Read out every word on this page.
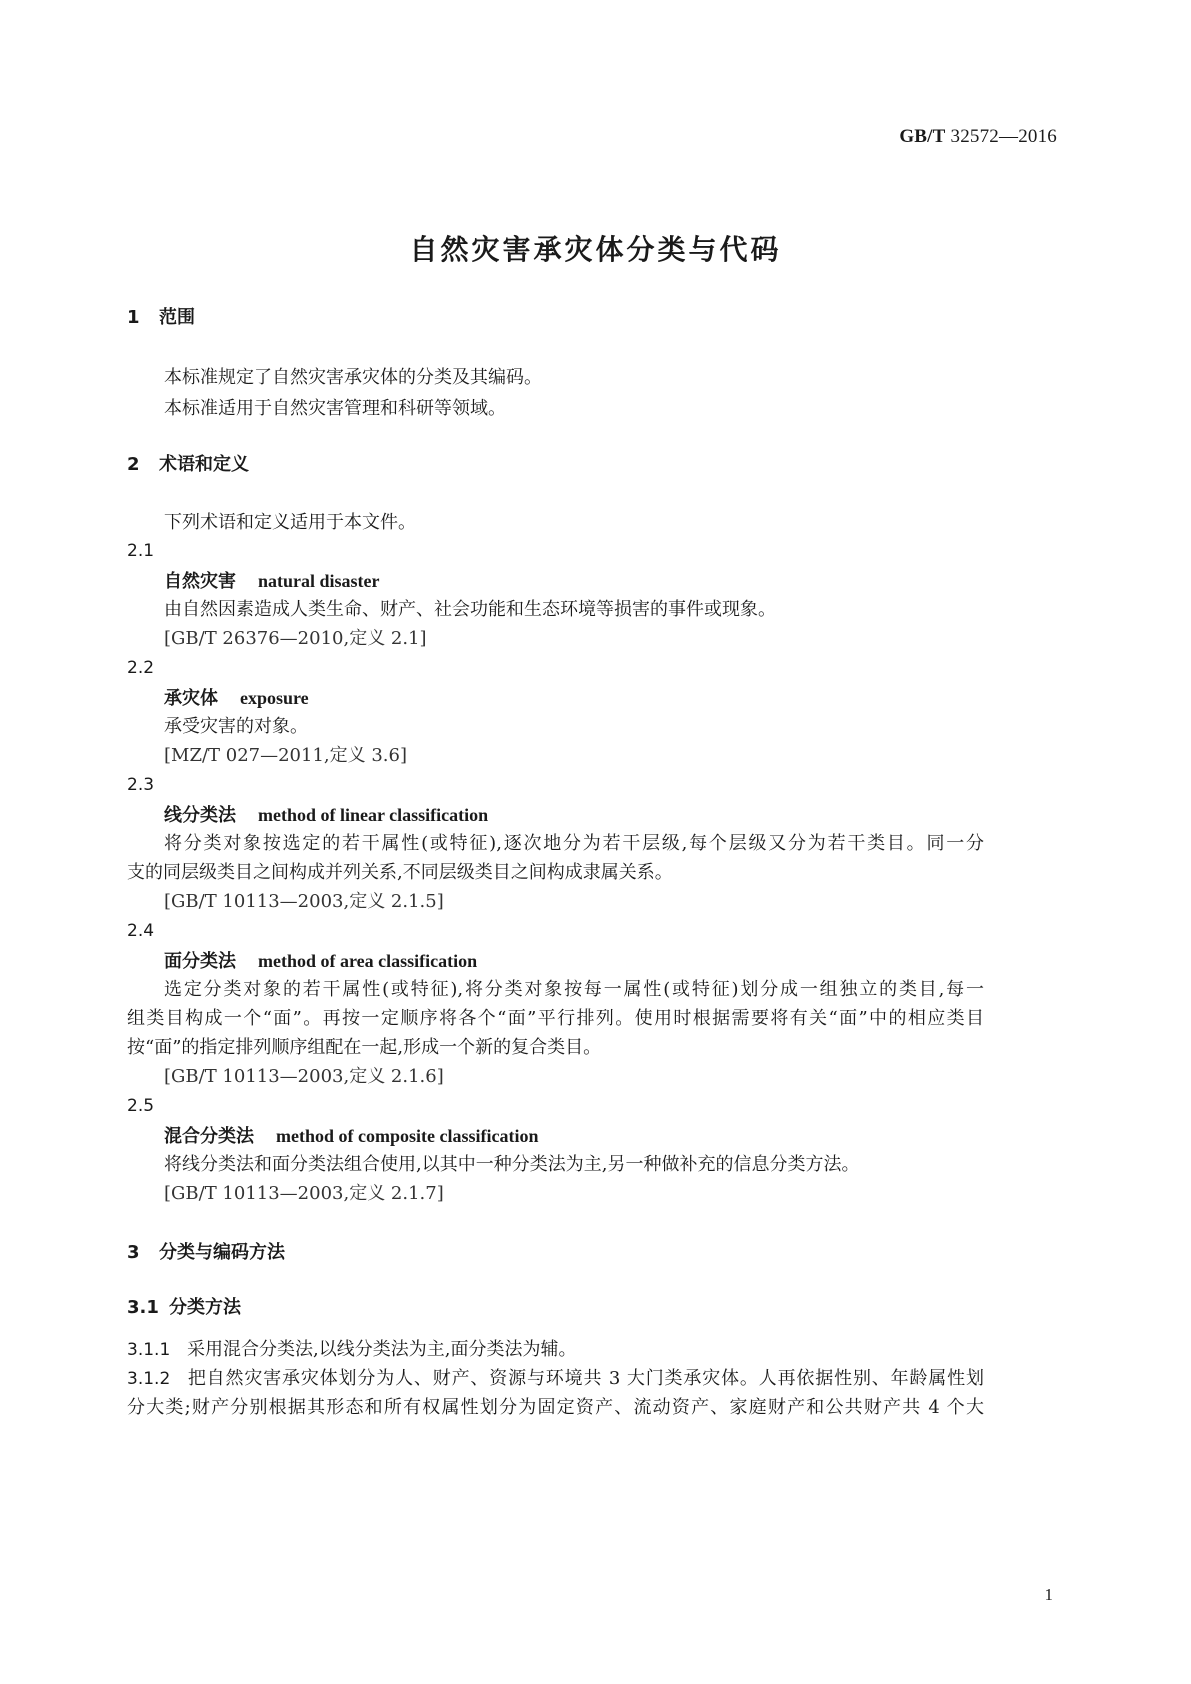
GB/T 32572—2016
自然灾害承灾体分类与代码
1 范围
本标准规定了自然灾害承灾体的分类及其编码。
本标准适用于自然灾害管理和科研等领域。
2 术语和定义
下列术语和定义适用于本文件。
2.1
自然灾害 natural disaster
由自然因素造成人类生命、财产、社会功能和生态环境等损害的事件或现象。
[GB/T 26376—2010,定义 2.1]
2.2
承灾体 exposure
承受灾害的对象。
[MZ/T 027—2011,定义 3.6]
2.3
线分类法 method of linear classification
将分类对象按选定的若干属性(或特征),逐次地分为若干层级,每个层级又分为若干类目。同一分
支的同层级类目之间构成并列关系,不同层级类目之间构成隶属关系。
[GB/T 10113—2003,定义 2.1.5]
2.4
面分类法 method of area classification
选定分类对象的若干属性(或特征),将分类对象按每一属性(或特征)划分成一组独立的类目,每一
组类目构成一个“面”。再按一定顺序将各个“面”平行排列。使用时根据需要将有关“面”中的相应类目
按“面”的指定排列顺序组配在一起,形成一个新的复合类目。
[GB/T 10113—2003,定义 2.1.6]
2.5
混合分类法 method of composite classification
将线分类法和面分类法组合使用,以其中一种分类法为主,另一种做补充的信息分类方法。
[GB/T 10113—2003,定义 2.1.7]
3 分类与编码方法
3.1 分类方法
3.1.1 采用混合分类法,以线分类法为主,面分类法为辅。
3.1.2 把自然灾害承灾体划分为人、财产、资源与环境共 3 大门类承灾体。人再依据性别、年龄属性划
分大类;财产分别根据其形态和所有权属性划分为固定资产、流动资产、家庭财产和公共财产共 4 个大
1
